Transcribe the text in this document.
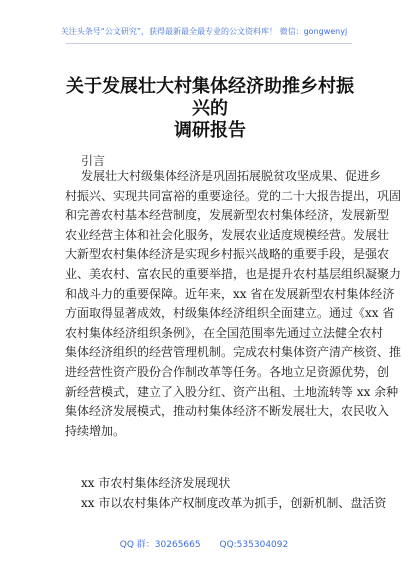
关注头条号“公文研究”，获得最新最全最专业的公文资料库！ 微信：gongwenyj
关于发展壮大村集体经济助推乡村振兴的
调研报告
引言
发展壮大村级集体经济是巩固拓展脱贫攻坚成果、促进乡
村振兴、实现共同富裕的重要途径。党的二十大报告提出，巩固
和完善农村基本经营制度，发展新型农村集体经济，发展新型
农业经营主体和社会化服务，发展农业适度规模经营。发展壮
大新型农村集体经济是实现乡村振兴战略的重要手段，是强农
业、美农村、富农民的重要举措，也是提升农村基层组织凝聚力
和战斗力的重要保障。近年来，xx 省在发展新型农村集体经济
方面取得显著成效，村级集体经济组织全面建立。通过《xx 省
农村集体经济组织条例》，在全国范围率先通过立法健全农村
集体经济组织的经营管理机制。完成农村集体资产清产核资、推
进经营性资产股份合作制改革等任务。各地立足资源优势，创
新经营模式，建立了入股分红、资产出租、土地流转等 xx 余种
集体经济发展模式，推动村集体经济不断发展壮大，农民收入
持续增加。
xx 市农村集体经济发展现状
xx 市以农村集体产权制度改革为抓手，创新机制、盘活资
QQ 群：30265665 QQ:535304092
